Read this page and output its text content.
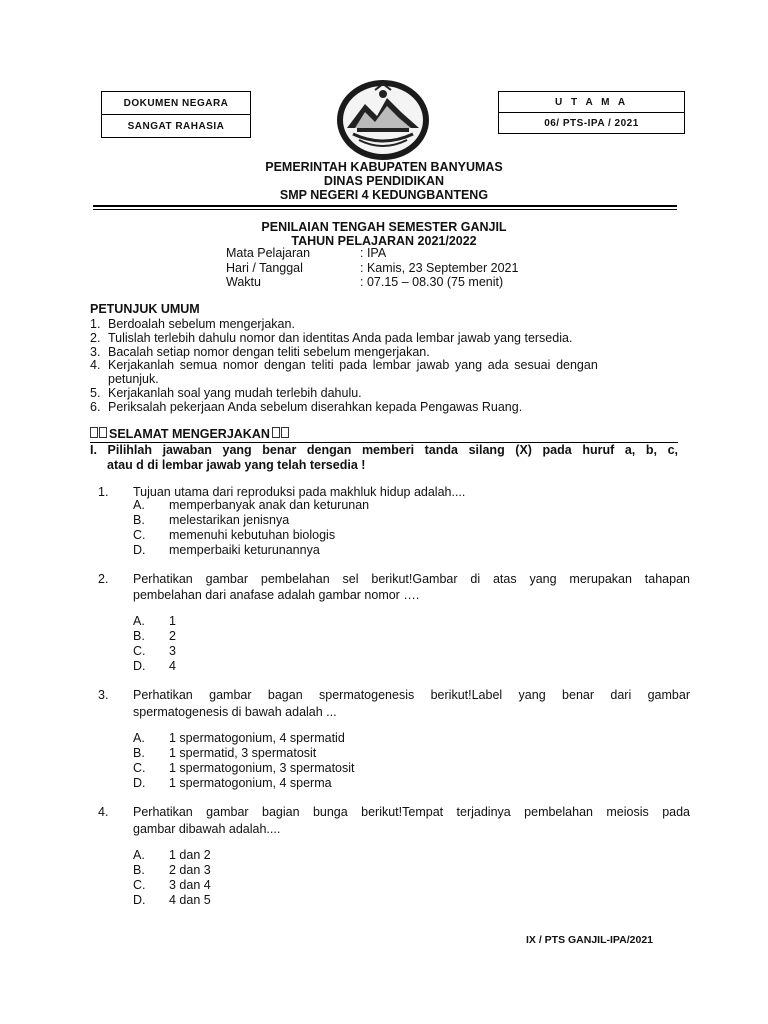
DOKUMEN NEGARA
SANGAT RAHASIA
U T A M A
06/ PTS-IPA / 2021
PEMERINTAH KABUPATEN BANYUMAS
DINAS PENDIDIKAN
SMP NEGERI 4 KEDUNGBANTENG
PENILAIAN TENGAH SEMESTER GANJIL
TAHUN PELAJARAN 2021/2022
Mata Pelajaran	: IPA
Hari / Tanggal	: Kamis, 23 September 2021
Waktu	: 07.15 – 08.30 (75 menit)
PETUNJUK UMUM
1. Berdoalah sebelum mengerjakan.
2. Tulislah terlebih dahulu nomor dan identitas Anda pada lembar jawab yang tersedia.
3. Bacalah setiap nomor dengan teliti sebelum mengerjakan.
4. Kerjakanlah semua nomor dengan teliti pada lembar jawab yang ada sesuai dengan
petunjuk.
5. Kerjakanlah soal yang mudah terlebih dahulu.
6. Periksalah pekerjaan Anda sebelum diserahkan kepada Pengawas Ruang.
SELAMAT MENGERJAKAN
I. Pilihlah jawaban yang benar dengan memberi tanda silang (X) pada huruf a, b, c,
atau d di lembar jawab yang telah tersedia !
1. Tujuan utama dari reproduksi pada makhluk hidup adalah....
A. memperbanyak anak dan keturunan
B. melestarikan jenisnya
C. memenuhi kebutuhan biologis
D. memperbaiki keturunannya
2. Perhatikan gambar pembelahan sel berikut!Gambar di atas yang merupakan tahapan
pembelahan dari anafase adalah gambar nomor ….
A. 1
B. 2
C. 3
D. 4
3. Perhatikan gambar bagan spermatogenesis berikut!Label yang benar dari gambar
spermatogenesis di bawah adalah ...
A. 1 spermatogonium, 4 spermatid
B. 1 spermatid, 3 spermatosit
C. 1 spermatogonium, 3 spermatosit
D. 1 spermatogonium, 4 sperma
4. Perhatikan gambar bagian bunga berikut!Tempat terjadinya pembelahan meiosis pada
gambar dibawah adalah....
A. 1 dan 2
B. 2 dan 3
C. 3 dan 4
D. 4 dan 5
IX / PTS GANJIL-IPA/2021
